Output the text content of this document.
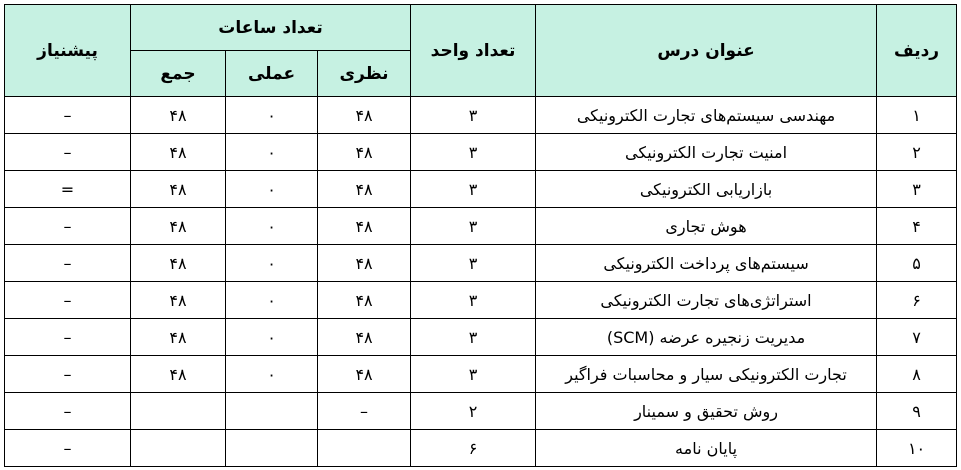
ردیف	عنوان درس	تعداد واحد	تعداد ساعات			پیشنیاز
			نظری	عملی	جمع	
۱	مهندسی سیستم‌های تجارت الکترونیکی	۳	۴۸	۰	۴۸	–
۲	امنیت تجارت الکترونیکی	۳	۴۸	۰	۴۸	–
۳	بازاریابی الکترونیکی	۳	۴۸	۰	۴۸	=
۴	هوش تجاری	۳	۴۸	۰	۴۸	–
۵	سیستم‌های پرداخت الکترونیکی	۳	۴۸	۰	۴۸	–
۶	استراتژی‌های تجارت الکترونیکی	۳	۴۸	۰	۴۸	–
۷	مدیریت زنجیره عرضه (SCM)	۳	۴۸	۰	۴۸	–
۸	تجارت الکترونیکی سیار و محاسبات فراگیر	۳	۴۸	۰	۴۸	–
۹	روش تحقیق و سمینار	۲	–			–
۱۰	پایان نامه	۶				–
